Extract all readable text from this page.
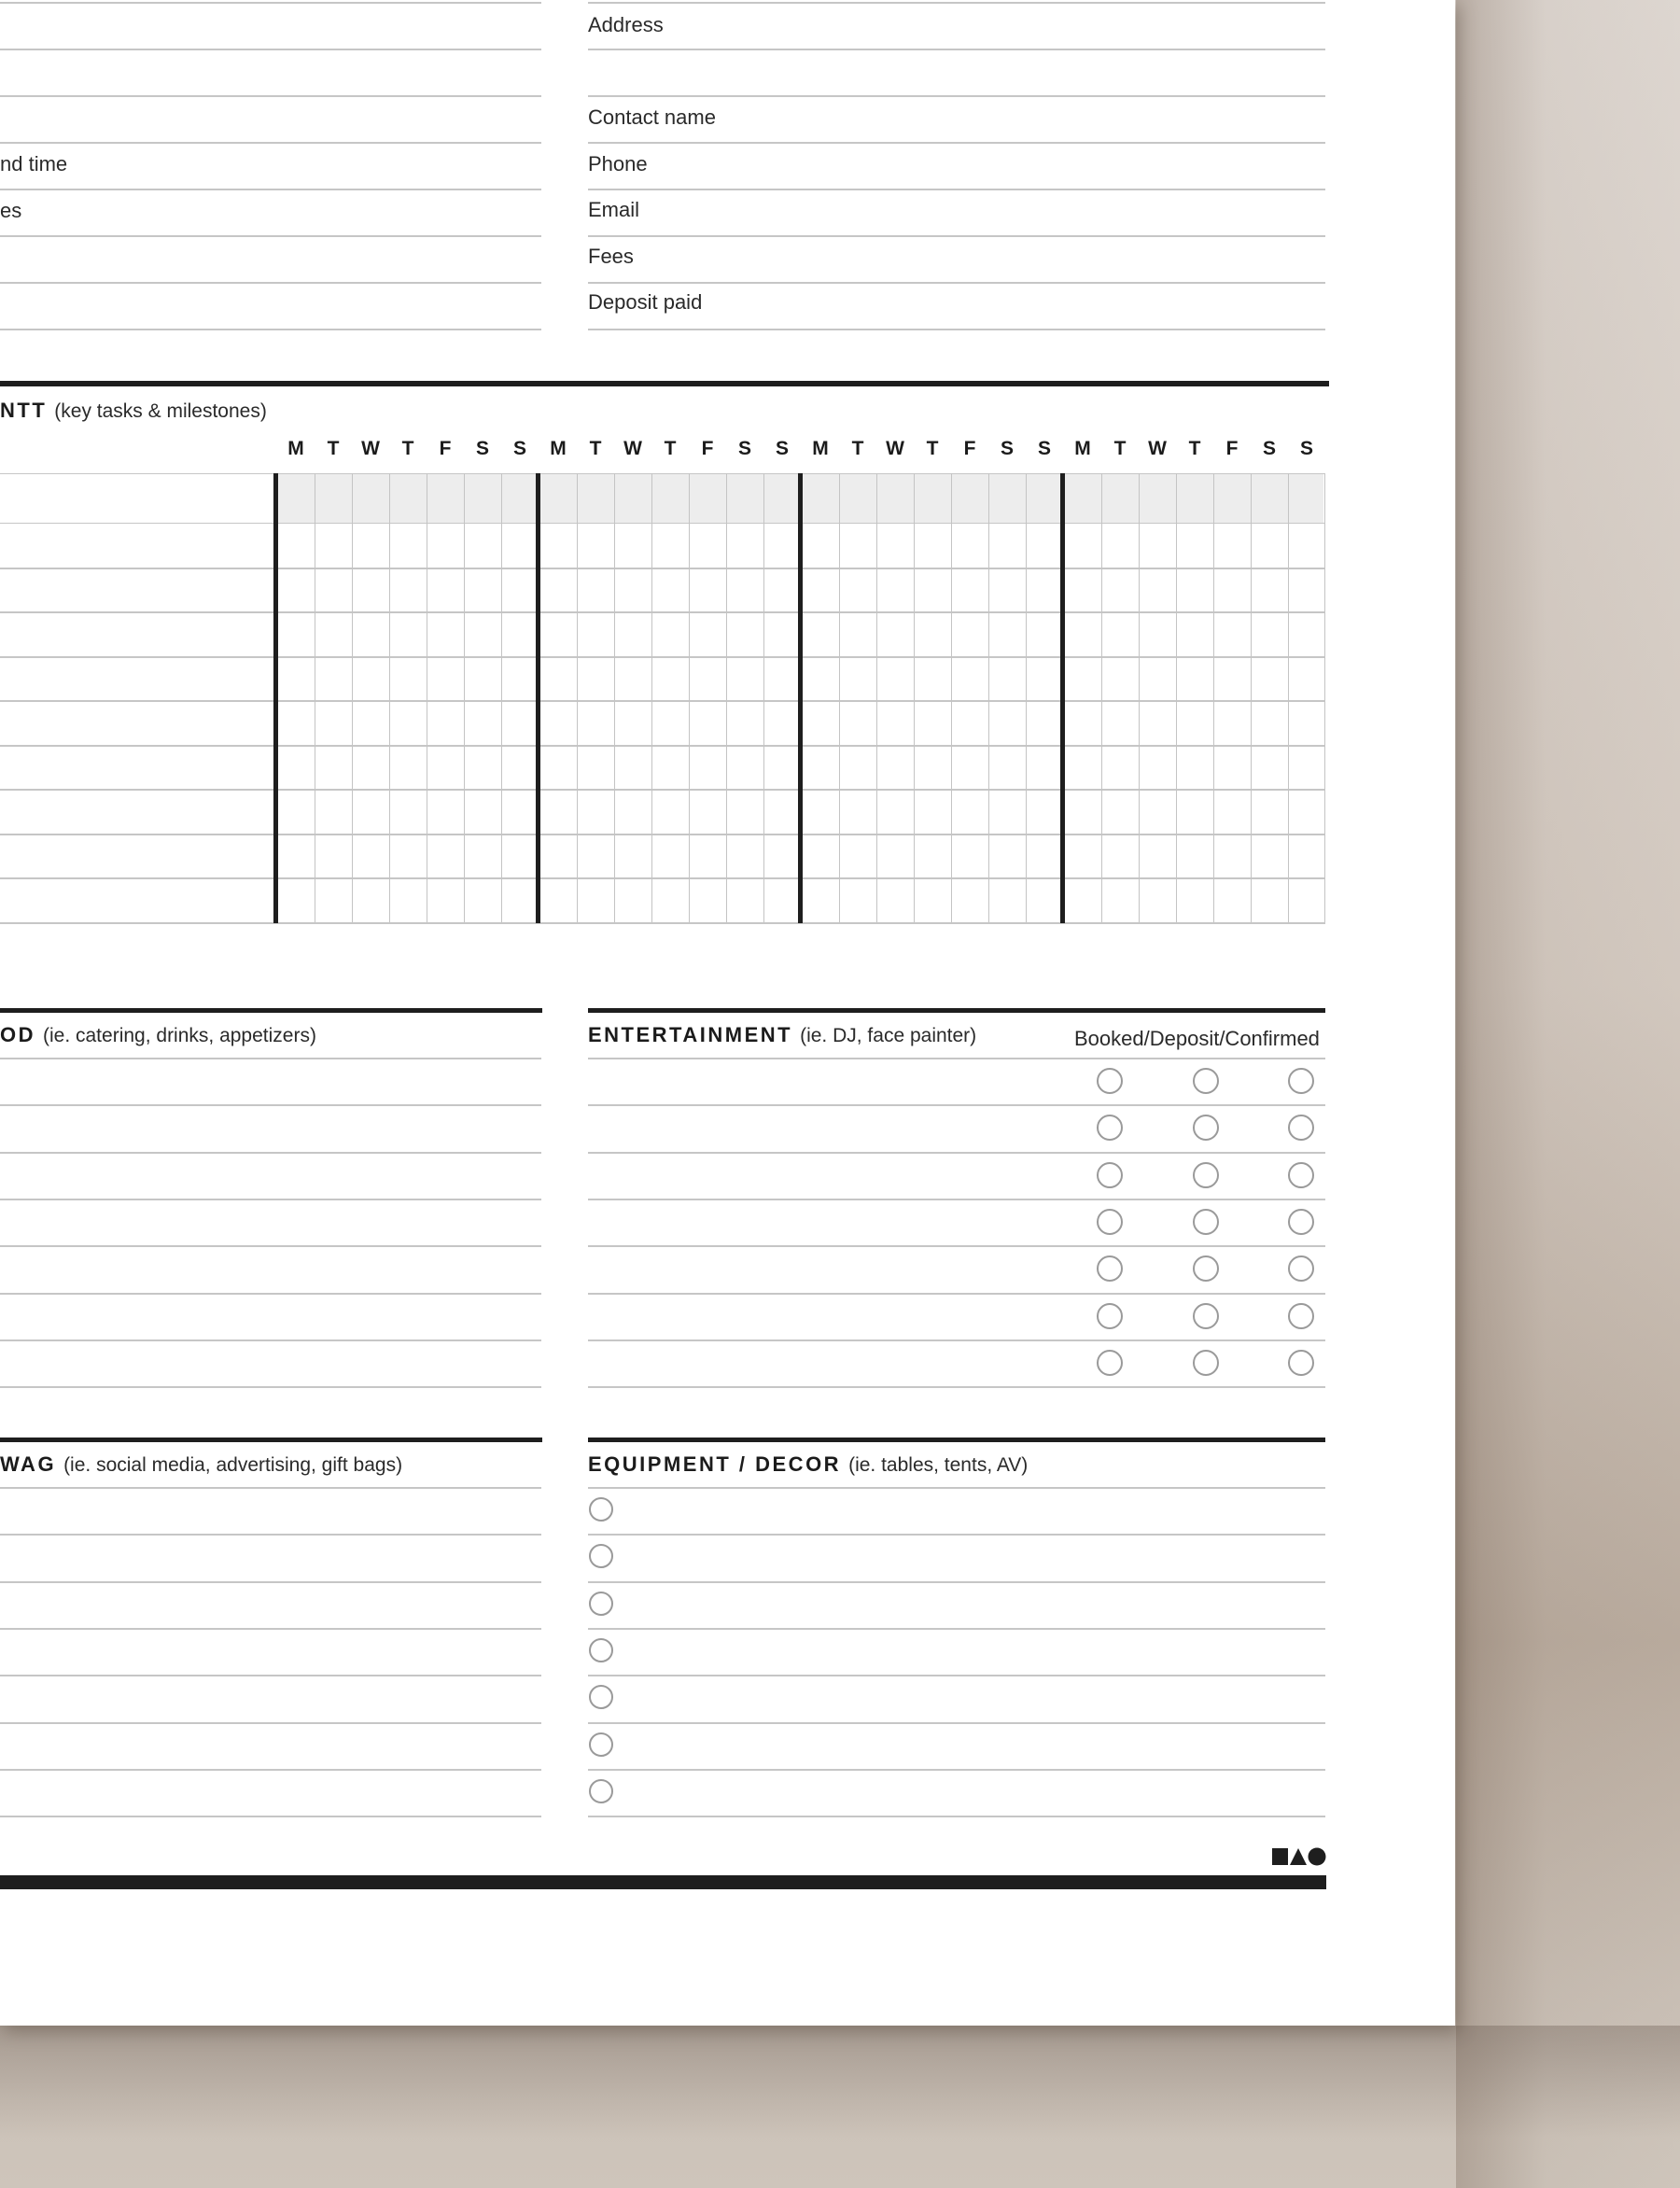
nd time
es
Address
Contact name
Phone
Email
Fees
Deposit paid
NTT (key tasks & milestones)
M	T	W	T	F	S	S	M	T	W	T	F	S	S	M	T	W	T	F	S	S	M	T	W	T	F	S	S
OD (ie. catering, drinks, appetizers)	ENTERTAINMENT (ie. DJ, face painter)	Booked/Deposit/Confirmed
WAG (ie. social media, advertising, gift bags)	EQUIPMENT / DECOR (ie. tables, tents, AV)
